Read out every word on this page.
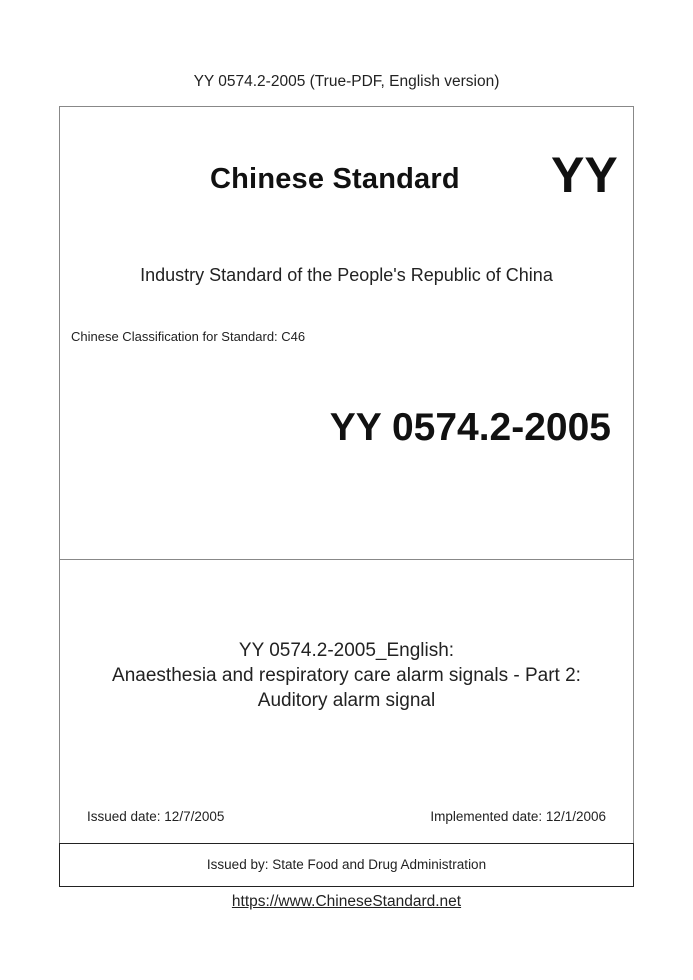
YY 0574.2-2005 (True-PDF, English version)
Chinese Standard YY
Industry Standard of the People's Republic of China
Chinese Classification for Standard: C46
YY 0574.2-2005
YY 0574.2-2005_English:
Anaesthesia and respiratory care alarm signals - Part 2:
Auditory alarm signal
Issued date: 12/7/2005	Implemented date: 12/1/2006
Issued by: State Food and Drug Administration
https://www.ChineseStandard.net
